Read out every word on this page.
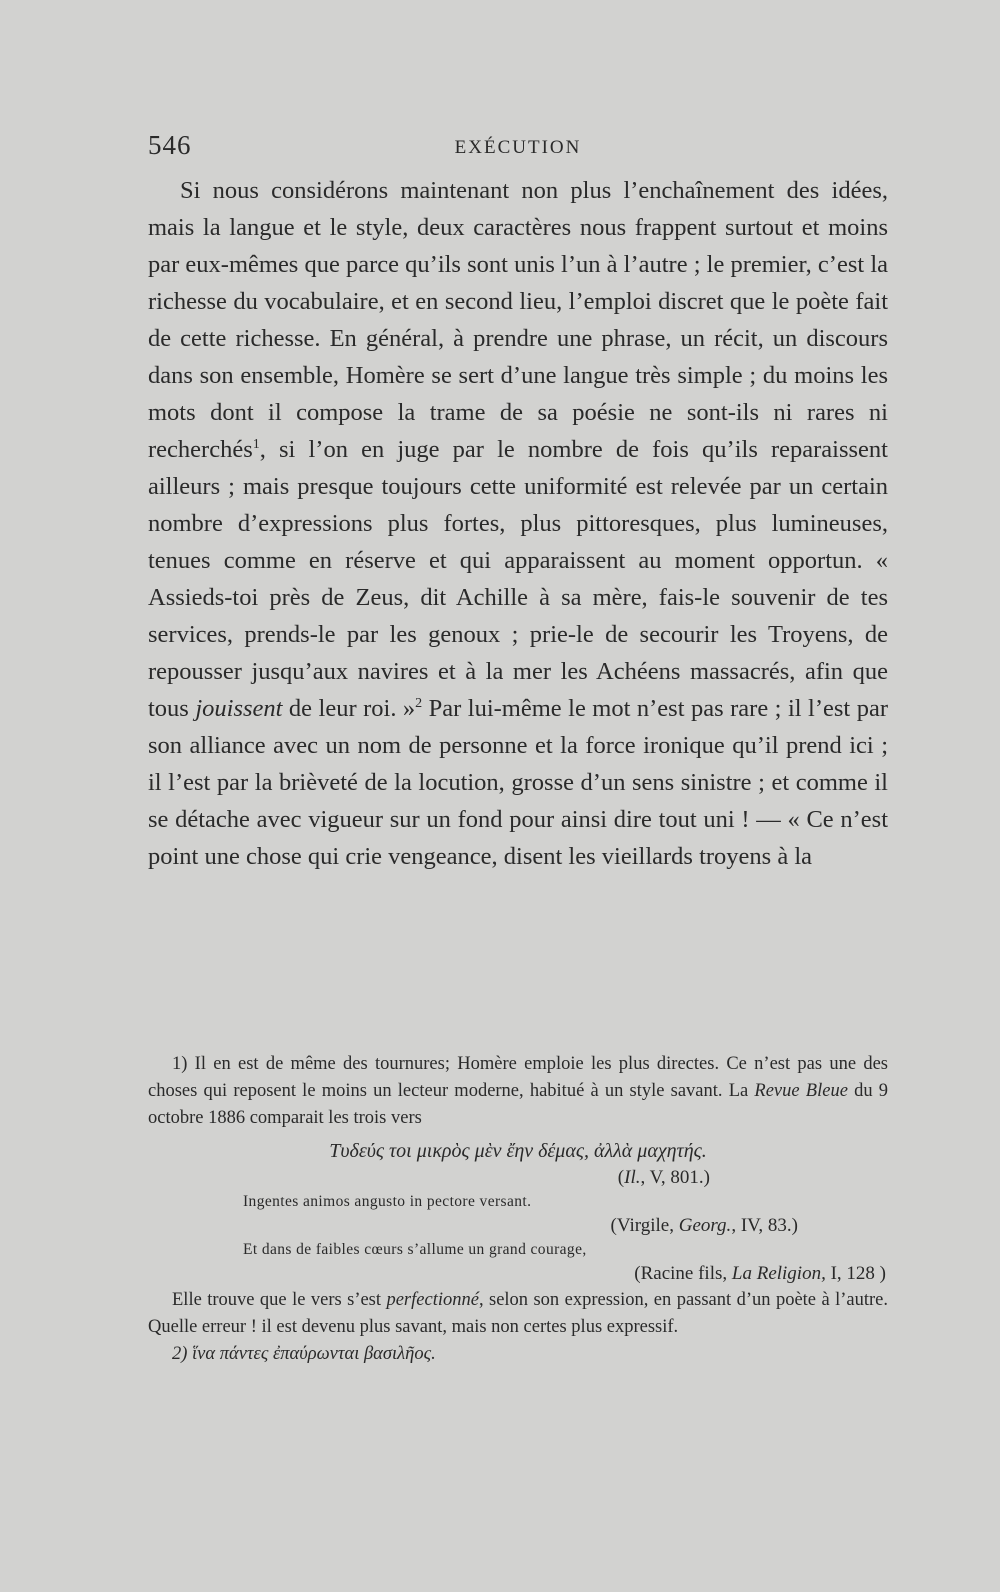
546	EXÉCUTION

Si nous considérons maintenant non plus l’enchaînement des idées, mais la langue et le style, deux caractères nous frappent surtout et moins par eux-mêmes que parce qu’ils sont unis l’un à l’autre ; le premier, c’est la richesse du vocabulaire, et en second lieu, l’emploi discret que le poète fait de cette richesse. En général, à prendre une phrase, un récit, un discours dans son ensemble, Homère se sert d’une langue très simple ; du moins les mots dont il compose la trame de sa poésie ne sont-ils ni rares ni recherchés$^1$, si l’on en juge par le nombre de fois qu’ils reparaissent ailleurs ; mais presque toujours cette uniformité est relevée par un certain nombre d’expressions plus fortes, plus pittoresques, plus lumineuses, tenues comme en réserve et qui apparaissent au moment opportun. « Assieds-toi près de Zeus, dit Achille à sa mère, fais-le souvenir de tes services, prends-le par les genoux ; prie-le de secourir les Troyens, de repousser jusqu’aux navires et à la mer les Achéens massacrés, afin que tous jouissent de leur roi. »$^2$ Par lui-même le mot n’est pas rare ; il l’est par son alliance avec un nom de personne et la force ironique qu’il prend ici ; il l’est par la brièveté de la locution, grosse d’un sens sinistre ; et comme il se détache avec vigueur sur un fond pour ainsi dire tout uni ! — « Ce n’est point une chose qui crie vengeance, disent les vieillards troyens à la

1) Il en est de même des tournures; Homère emploie les plus directes. Ce n’est pas une des choses qui reposent le moins un lecteur moderne, habitué à un style savant. La Revue Bleue du 9 octobre 1886 comparait les trois vers

Τυδεύς τοι μικρὸς μὲν ἔην δέμας, ἀλλὰ μαχητής.
(Il., V, 801.)
Ingentes animos angusto in pectore versant.
(Virgile, Georg., IV, 83.)
Et dans de faibles cœurs s’allume un grand courage,
(Racine fils, La Religion, I, 128 )

Elle trouve que le vers s’est perfectionné, selon son expression, en passant d’un poète à l’autre. Quelle erreur ! il est devenu plus savant, mais non certes plus expressif.

2) ἵνα πάντες ἐπαύρωνται βασιλῆος.
